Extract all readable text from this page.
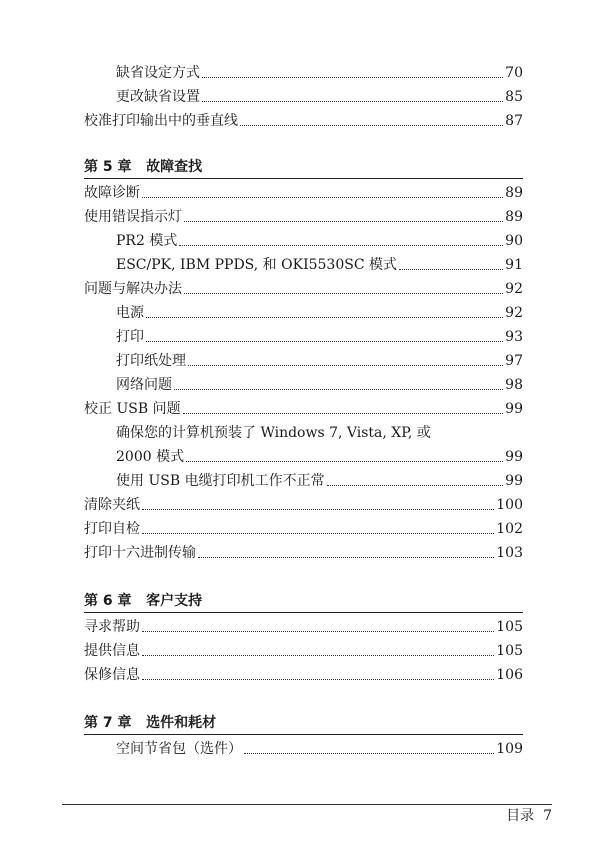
缺省设定方式	70
更改缺省设置	85
校准打印输出中的垂直线	87
第 5 章   故障查找
故障诊断	89
使用错误指示灯	89
PR2 模式	90
ESC/PK, IBM PPDS, 和 OKI5530SC 模式	91
问题与解决办法	92
电源	92
打印	93
打印纸处理	97
网络问题	98
校正 USB 问题	99
确保您的计算机预装了 Windows 7, Vista, XP, 或
2000 模式	99
使用 USB 电缆打印机工作不正常	99
清除夹纸	100
打印自检	102
打印十六进制传输	103
第 6 章   客户支持
寻求帮助	105
提供信息	105
保修信息	106
第 7 章   选件和耗材
空间节省包（选件）	109
目录 7
